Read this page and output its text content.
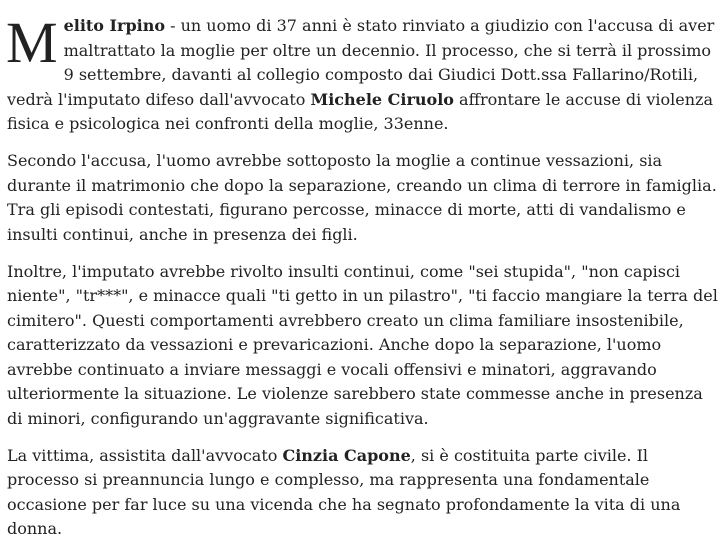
Melito Irpino - un uomo di 37 anni è stato rinviato a giudizio con l'accusa di aver maltrattato la moglie per oltre un decennio. Il processo, che si terrà il prossimo 9 settembre, davanti al collegio composto dai Giudici Dott.ssa Fallarino/Rotili, vedrà l'imputato difeso dall'avvocato Michele Ciruolo affrontare le accuse di violenza fisica e psicologica nei confronti della moglie, 33enne.

Secondo l'accusa, l'uomo avrebbe sottoposto la moglie a continue vessazioni, sia durante il matrimonio che dopo la separazione, creando un clima di terrore in famiglia. Tra gli episodi contestati, figurano percosse, minacce di morte, atti di vandalismo e insulti continui, anche in presenza dei figli.

Inoltre, l'imputato avrebbe rivolto insulti continui, come "sei stupida", "non capisci niente", "tr***", e minacce quali "ti getto in un pilastro", "ti faccio mangiare la terra del cimitero". Questi comportamenti avrebbero creato un clima familiare insostenibile, caratterizzato da vessazioni e prevaricazioni. Anche dopo la separazione, l'uomo avrebbe continuato a inviare messaggi e vocali offensivi e minatori, aggravando ulteriormente la situazione. Le violenze sarebbero state commesse anche in presenza di minori, configurando un'aggravante significativa.

La vittima, assistita dall'avvocato Cinzia Capone, si è costituita parte civile. Il processo si preannuncia lungo e complesso, ma rappresenta una fondamentale occasione per far luce su una vicenda che ha segnato profondamente la vita di una donna.
